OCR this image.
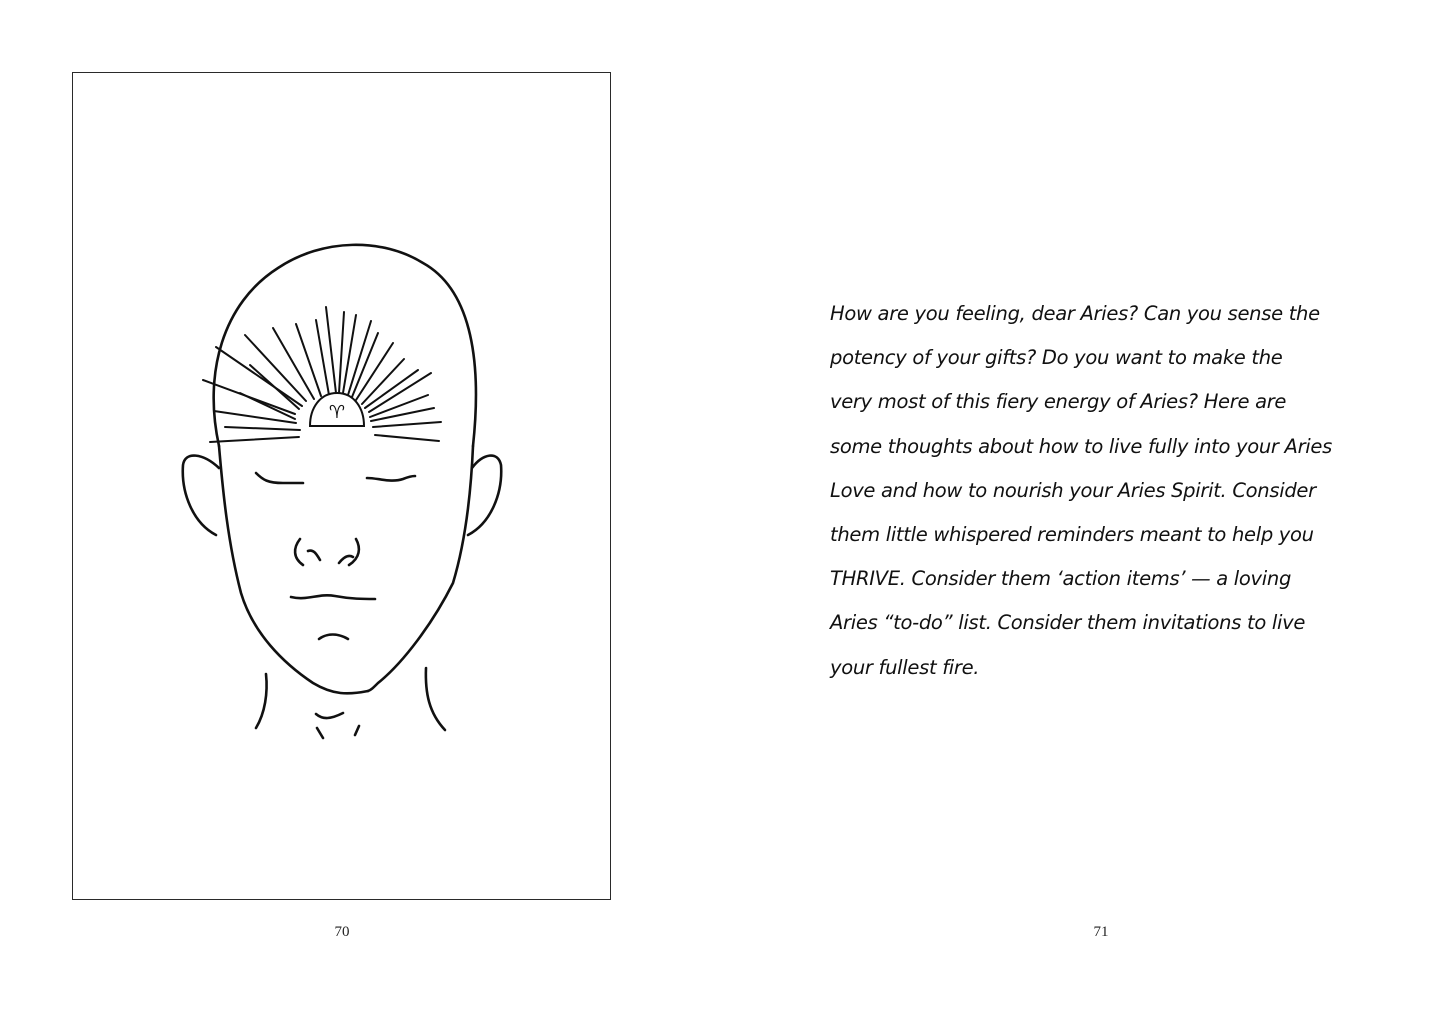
♈
70
How are you feeling, dear Aries? Can you sense the
potency of your gifts? Do you want to make the
very most of this fiery energy of Aries? Here are
some thoughts about how to live fully into your Aries
Love and how to nourish your Aries Spirit. Consider
them little whispered reminders meant to help you
THRIVE. Consider them ‘action items’ — a loving
Aries “to-do” list. Consider them invitations to live
your fullest fire.
71
